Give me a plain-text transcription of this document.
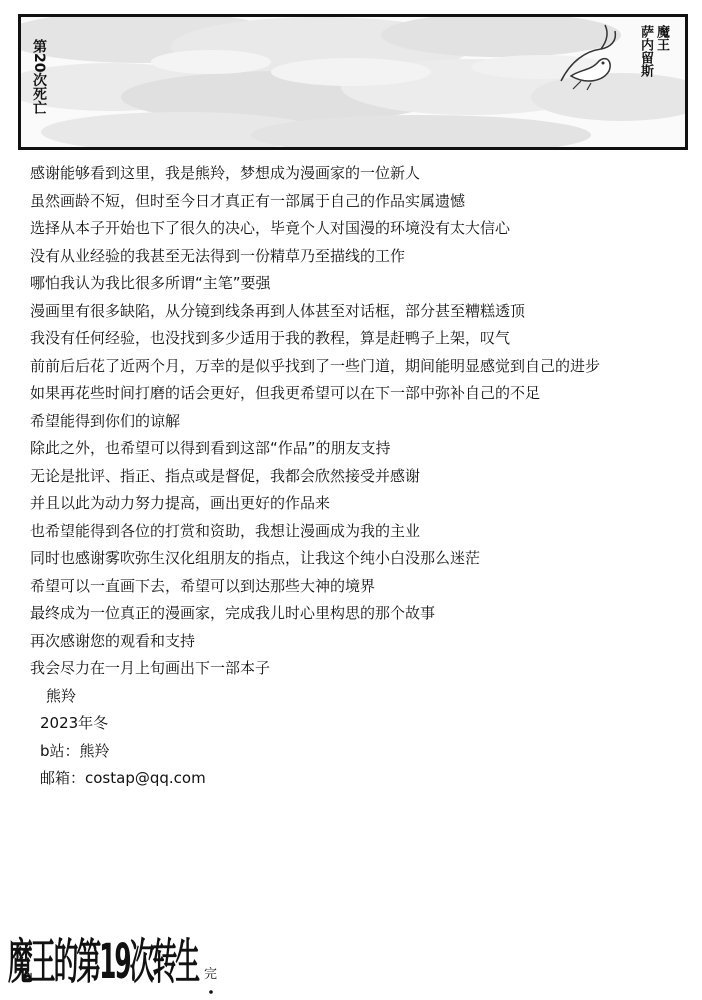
第20次死亡
魔王
萨内留斯
感谢能够看到这里，我是熊羚，梦想成为漫画家的一位新人
虽然画龄不短，但时至今日才真正有一部属于自己的作品实属遗憾
选择从本子开始也下了很久的决心，毕竟个人对国漫的环境没有太大信心
没有从业经验的我甚至无法得到一份精草乃至描线的工作
哪怕我认为我比很多所谓“主笔”要强
漫画里有很多缺陷，从分镜到线条再到人体甚至对话框，部分甚至糟糕透顶
我没有任何经验，也没找到多少适用于我的教程，算是赶鸭子上架，叹气
前前后后花了近两个月，万幸的是似乎找到了一些门道，期间能明显感觉到自己的进步
如果再花些时间打磨的话会更好，但我更希望可以在下一部中弥补自己的不足
希望能得到你们的谅解
除此之外，也希望可以得到看到这部“作品”的朋友支持
无论是批评、指正、指点或是督促，我都会欣然接受并感谢
并且以此为动力努力提高，画出更好的作品来
也希望能得到各位的打赏和资助，我想让漫画成为我的主业
同时也感谢雾吹弥生汉化组朋友的指点，让我这个纯小白没那么迷茫
希望可以一直画下去，希望可以到达那些大神的境界
最终成为一位真正的漫画家，完成我儿时心里构思的那个故事
再次感谢您的观看和支持
我会尽力在一月上旬画出下一部本子
熊羚
2023年冬
b站：熊羚
邮箱：costap@qq.com
魔王的第19次转生 完
